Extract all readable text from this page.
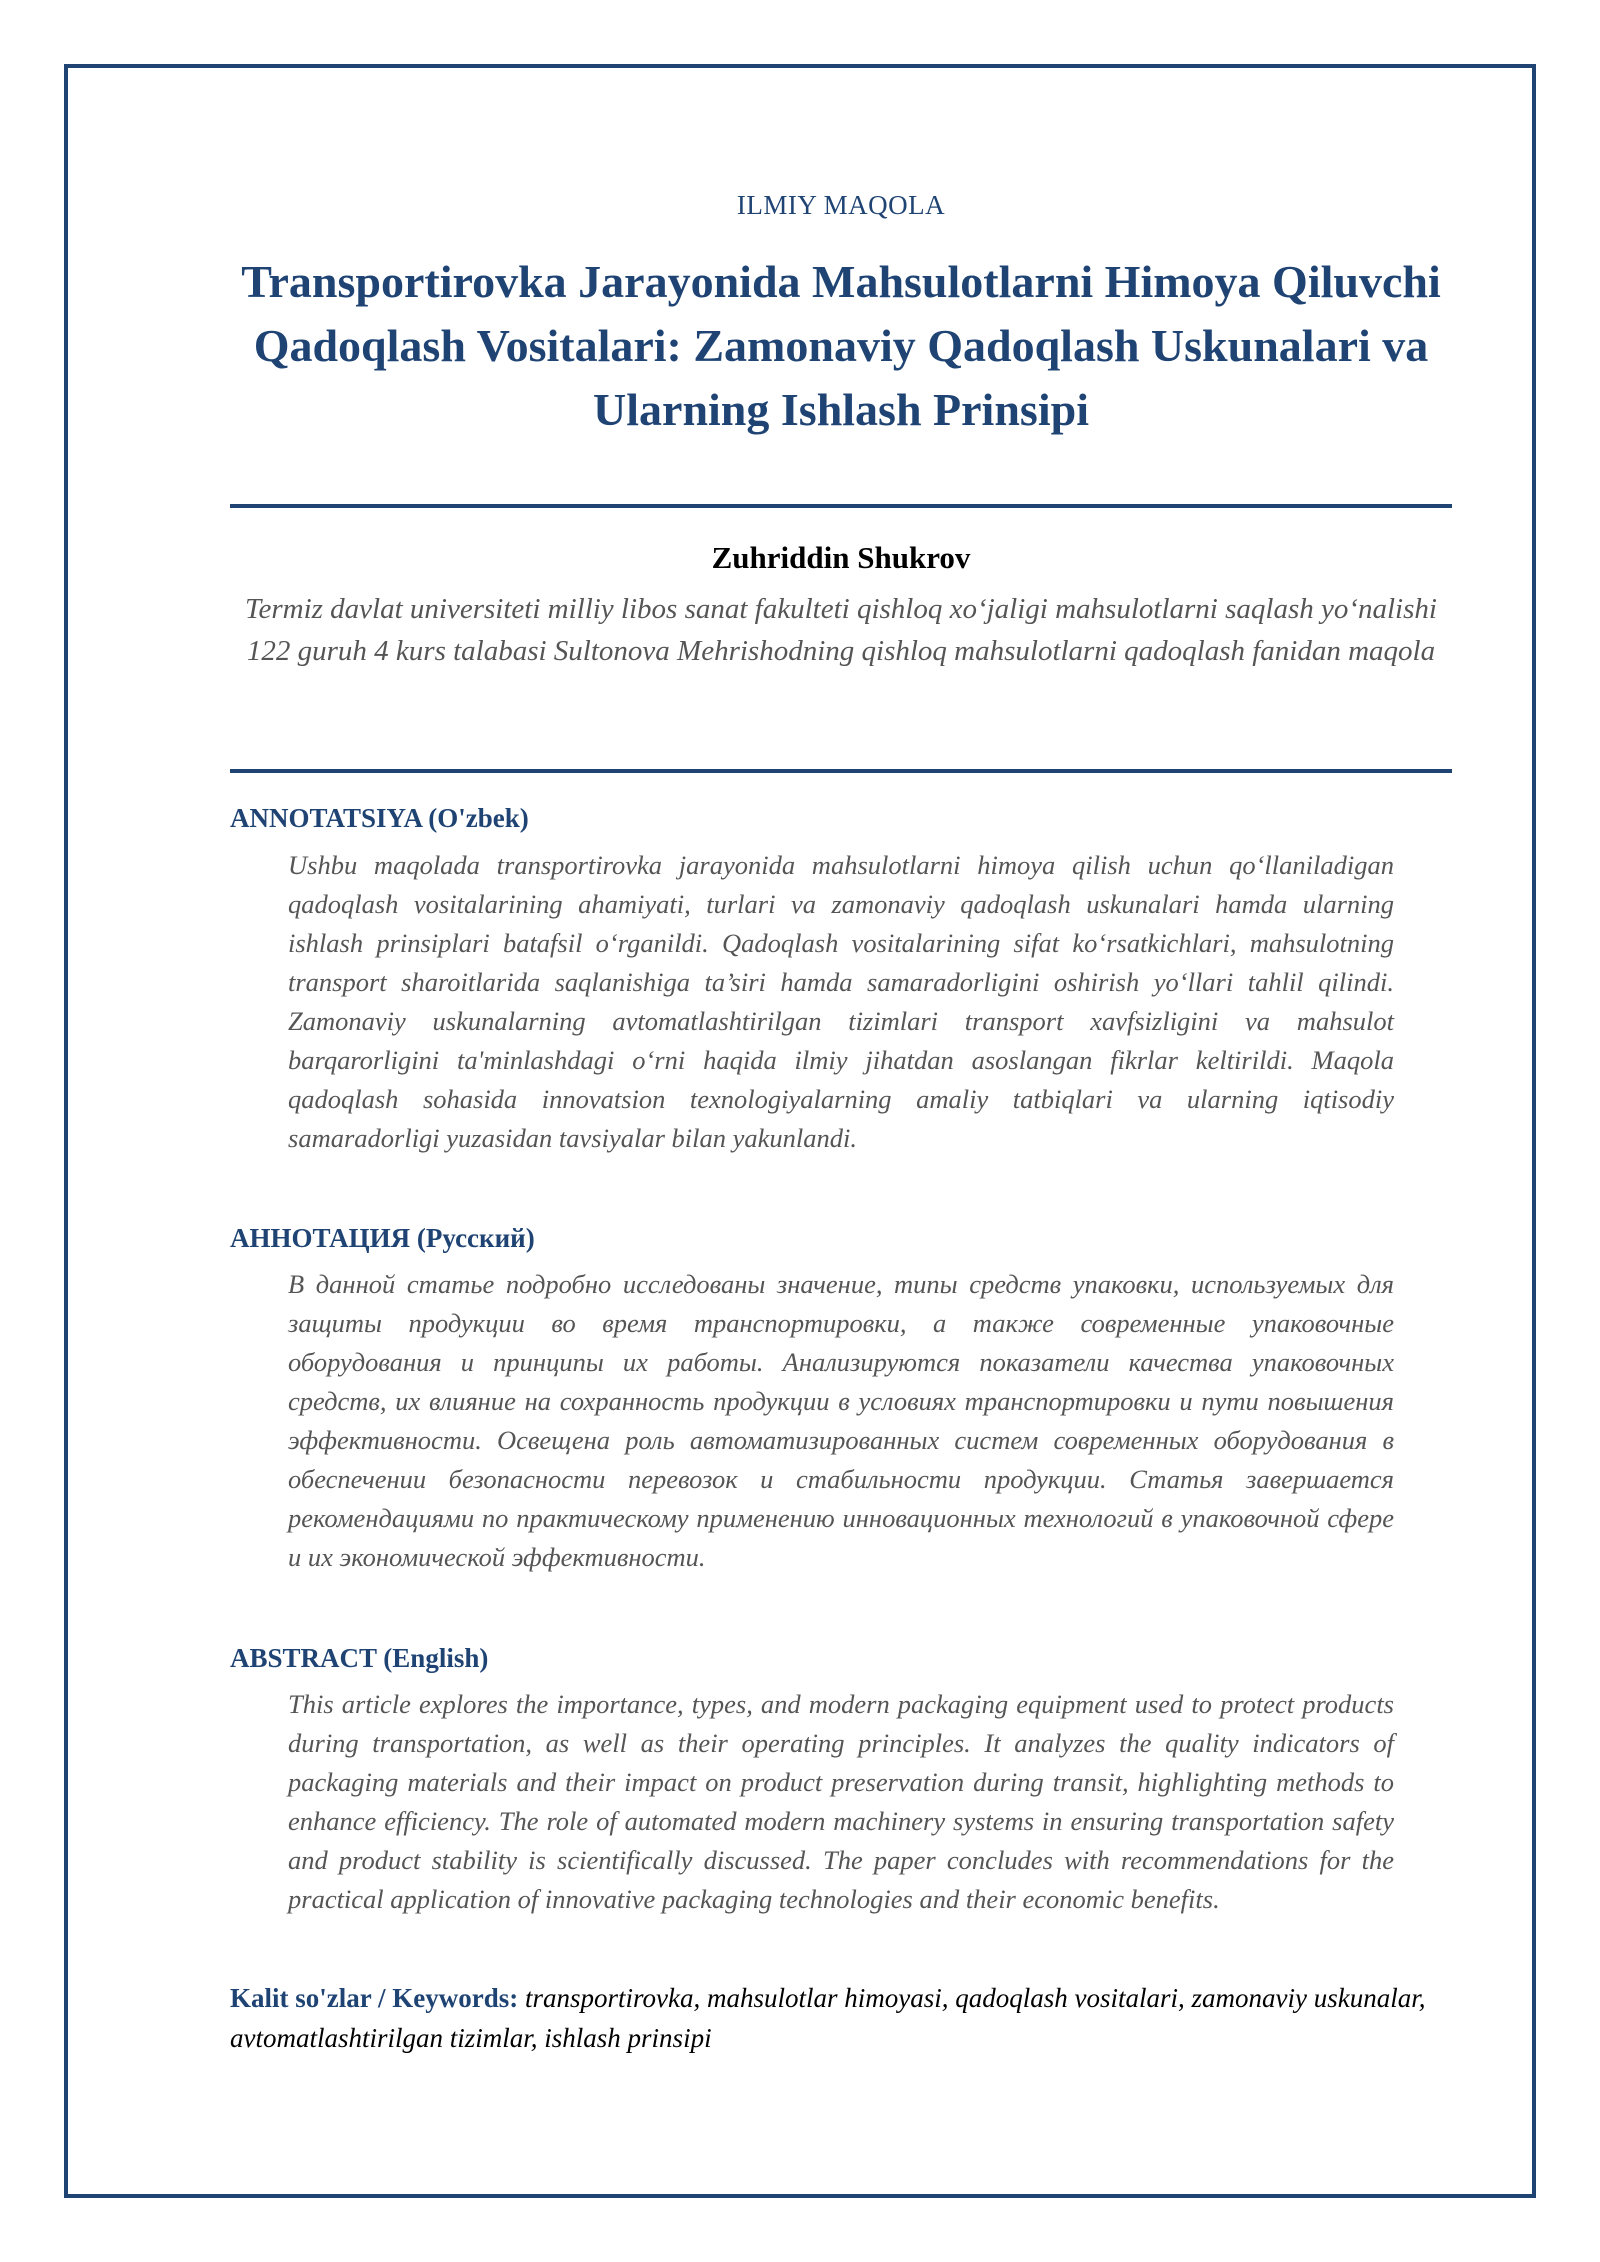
ILMIY MAQOLA
Transportirovka Jarayonida Mahsulotlarni Himoya Qiluvchi Qadoqlash Vositalari: Zamonaviy Qadoqlash Uskunalari va Ularning Ishlash Prinsipi
Zuhriddin Shukrov
Termiz davlat universiteti milliy libos sanat fakulteti qishloq xo‘jaligi mahsulotlarni saqlash yo‘nalishi 122 guruh 4 kurs talabasi Sultonova Mehrishodning qishloq mahsulotlarni qadoqlash fanidan maqola
ANNOTATSIYA (O'zbek)

Ushbu maqolada transportirovka jarayonida mahsulotlarni himoya qilish uchun qo‘llaniladigan qadoqlash vositalarining ahamiyati, turlari va zamonaviy qadoqlash uskunalari hamda ularning ishlash prinsiplari batafsil o‘rganildi. Qadoqlash vositalarining sifat ko‘rsatkichlari, mahsulotning transport sharoitlarida saqlanishiga ta’siri hamda samaradorligini oshirish yo‘llari tahlil qilindi. Zamonaviy uskunalarning avtomatlashtirilgan tizimlari transport xavfsizligini va mahsulot barqarorligini ta'minlashdagi o‘rni haqida ilmiy jihatdan asoslangan fikrlar keltirildi. Maqola qadoqlash sohasida innovatsion texnologiyalarning amaliy tatbiqlari va ularning iqtisodiy samaradorligi yuzasidan tavsiyalar bilan yakunlandi.

АННОТАЦИЯ (Русский)

В данной статье подробно исследованы значение, типы средств упаковки, используемых для защиты продукции во время транспортировки, а также современные упаковочные оборудования и принципы их работы. Анализируются показатели качества упаковочных средств, их влияние на сохранность продукции в условиях транспортировки и пути повышения эффективности. Освещена роль автоматизированных систем современных оборудования в обеспечении безопасности перевозок и стабильности продукции. Статья завершается рекомендациями по практическому применению инновационных технологий в упаковочной сфере и их экономической эффективности.

ABSTRACT (English)

This article explores the importance, types, and modern packaging equipment used to protect products during transportation, as well as their operating principles. It analyzes the quality indicators of packaging materials and their impact on product preservation during transit, highlighting methods to enhance efficiency. The role of automated modern machinery systems in ensuring transportation safety and product stability is scientifically discussed. The paper concludes with recommendations for the practical application of innovative packaging technologies and their economic benefits.

Kalit so'zlar / Keywords: transportirovka, mahsulotlar himoyasi, qadoqlash vositalari, zamonaviy uskunalar, avtomatlashtirilgan tizimlar, ishlash prinsipi
